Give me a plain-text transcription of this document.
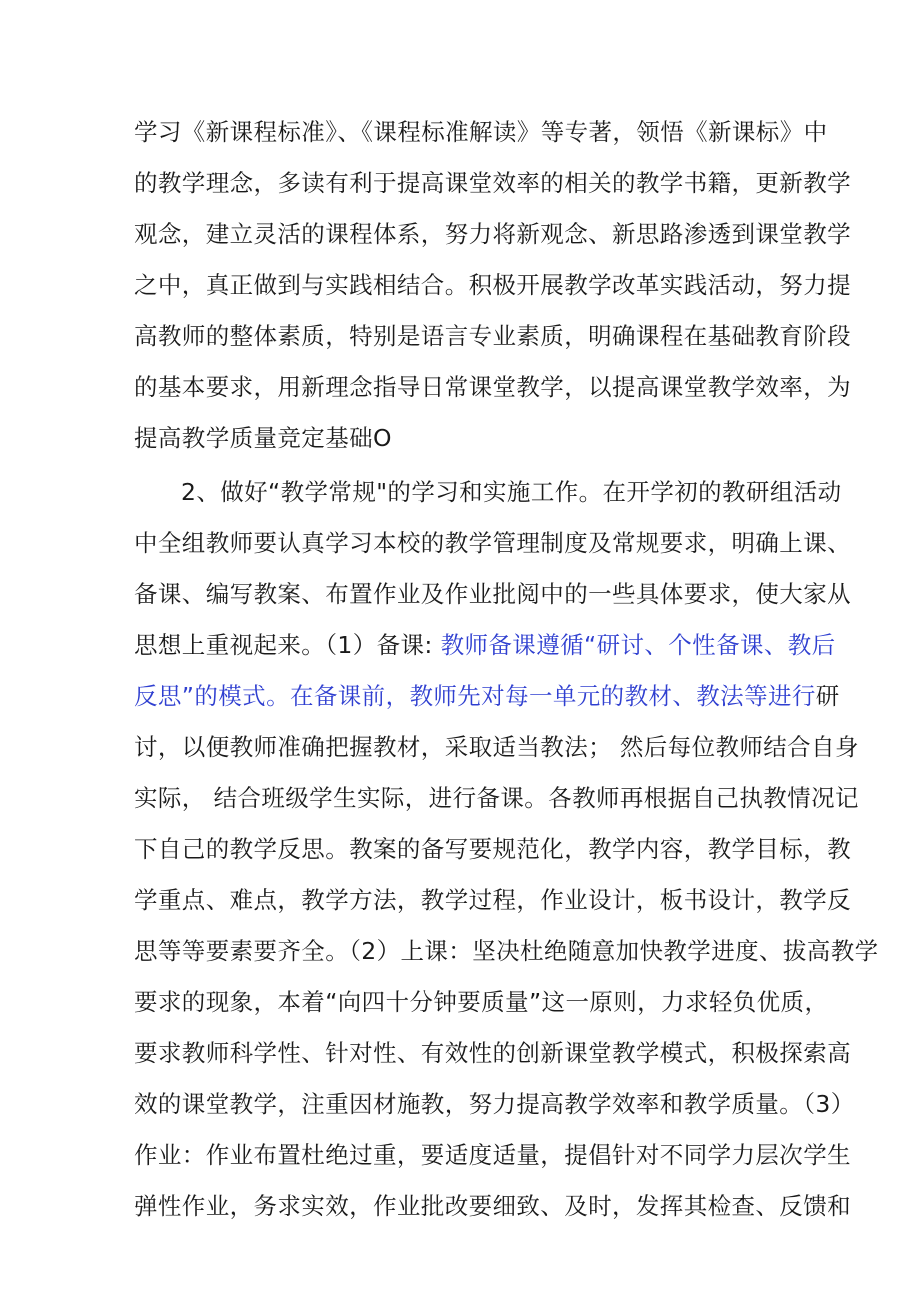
学习《新课程标准》、《课程标准解读》等专著，领悟《新课标》中
的教学理念，多读有利于提高课堂效率的相关的教学书籍，更新教学
观念，建立灵活的课程体系，努力将新观念、新思路渗透到课堂教学
之中，真正做到与实践相结合。积极开展教学改革实践活动，努力提
高教师的整体素质，特别是语言专业素质，明确课程在基础教育阶段
的基本要求，用新理念指导日常课堂教学，以提高课堂教学效率，为
提高教学质量竞定基础O
2、做好“教学常规"的学习和实施工作。在开学初的教研组活动
中全组教师要认真学习本校的教学管理制度及常规要求，明确上课、
备课、编写教案、布置作业及作业批阅中的一些具体要求，使大家从
思想上重视起来。（1）备课: 教师备课遵循“研讨、个性备课、教后
反思”的模式。在备课前，教师先对每一单元的教材、教法等进行研
讨，以便教师准确把握教材，采取适当教法； 然后每位教师结合自身
实际， 结合班级学生实际，进行备课。各教师再根据自己执教情况记
下自己的教学反思。教案的备写要规范化，教学内容，教学目标，教
学重点、难点，教学方法，教学过程，作业设计，板书设计，教学反
思等等要素要齐全。（2）上课：坚决杜绝随意加快教学进度、拔高教学
要求的现象，本着“向四十分钟要质量”这一原则，力求轻负优质，
要求教师科学性、针对性、有效性的创新课堂教学模式，积极探索高
效的课堂教学，注重因材施教，努力提高教学效率和教学质量。（3）
作业：作业布置杜绝过重，要适度适量，提倡针对不同学力层次学生
弹性作业，务求实效，作业批改要细致、及时，发挥其检查、反馈和
